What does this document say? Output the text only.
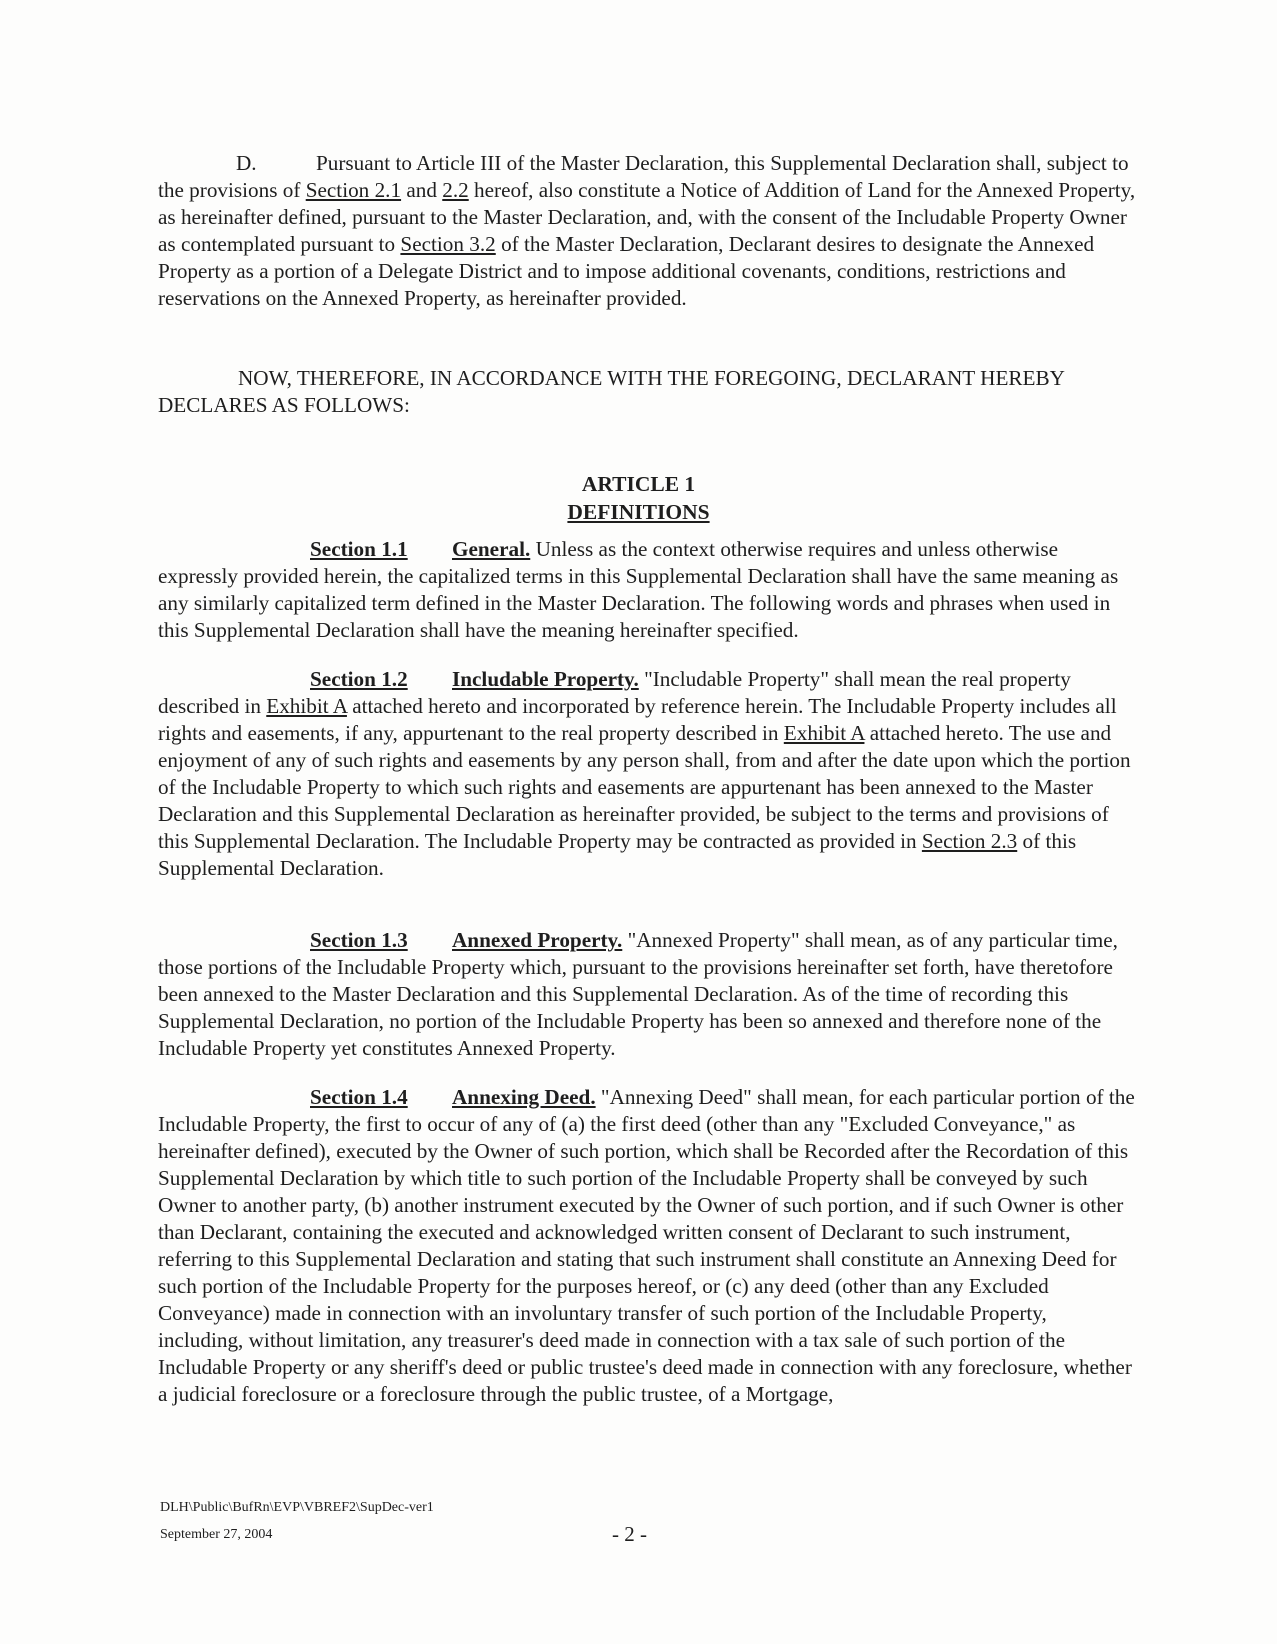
D.	Pursuant to Article III of the Master Declaration, this Supplemental Declaration shall, subject to the provisions of Section 2.1 and 2.2 hereof, also constitute a Notice of Addition of Land for the Annexed Property, as hereinafter defined, pursuant to the Master Declaration, and, with the consent of the Includable Property Owner as contemplated pursuant to Section 3.2 of the Master Declaration, Declarant desires to designate the Annexed Property as a portion of a Delegate District and to impose additional covenants, conditions, restrictions and reservations on the Annexed Property, as hereinafter provided.

NOW, THEREFORE, IN ACCORDANCE WITH THE FOREGOING, DECLARANT HEREBY DECLARES AS FOLLOWS:

ARTICLE 1
DEFINITIONS

Section 1.1 General. Unless as the context otherwise requires and unless otherwise expressly provided herein, the capitalized terms in this Supplemental Declaration shall have the same meaning as any similarly capitalized term defined in the Master Declaration. The following words and phrases when used in this Supplemental Declaration shall have the meaning hereinafter specified.

Section 1.2 Includable Property. "Includable Property" shall mean the real property described in Exhibit A attached hereto and incorporated by reference herein. The Includable Property includes all rights and easements, if any, appurtenant to the real property described in Exhibit A attached hereto. The use and enjoyment of any of such rights and easements by any person shall, from and after the date upon which the portion of the Includable Property to which such rights and easements are appurtenant has been annexed to the Master Declaration and this Supplemental Declaration as hereinafter provided, be subject to the terms and provisions of this Supplemental Declaration. The Includable Property may be contracted as provided in Section 2.3 of this Supplemental Declaration.

Section 1.3 Annexed Property. "Annexed Property" shall mean, as of any particular time, those portions of the Includable Property which, pursuant to the provisions hereinafter set forth, have theretofore been annexed to the Master Declaration and this Supplemental Declaration. As of the time of recording this Supplemental Declaration, no portion of the Includable Property has been so annexed and therefore none of the Includable Property yet constitutes Annexed Property.

Section 1.4 Annexing Deed. "Annexing Deed" shall mean, for each particular portion of the Includable Property, the first to occur of any of (a) the first deed (other than any "Excluded Conveyance," as hereinafter defined), executed by the Owner of such portion, which shall be Recorded after the Recordation of this Supplemental Declaration by which title to such portion of the Includable Property shall be conveyed by such Owner to another party, (b) another instrument executed by the Owner of such portion, and if such Owner is other than Declarant, containing the executed and acknowledged written consent of Declarant to such instrument, referring to this Supplemental Declaration and stating that such instrument shall constitute an Annexing Deed for such portion of the Includable Property for the purposes hereof, or (c) any deed (other than any Excluded Conveyance) made in connection with an involuntary transfer of such portion of the Includable Property, including, without limitation, any treasurer's deed made in connection with a tax sale of such portion of the Includable Property or any sheriff's deed or public trustee's deed made in connection with any foreclosure, whether a judicial foreclosure or a foreclosure through the public trustee, of a Mortgage,

DLH\Public\BufRn\EVP\VBREF2\SupDec-ver1
September 27, 2004	- 2 -
